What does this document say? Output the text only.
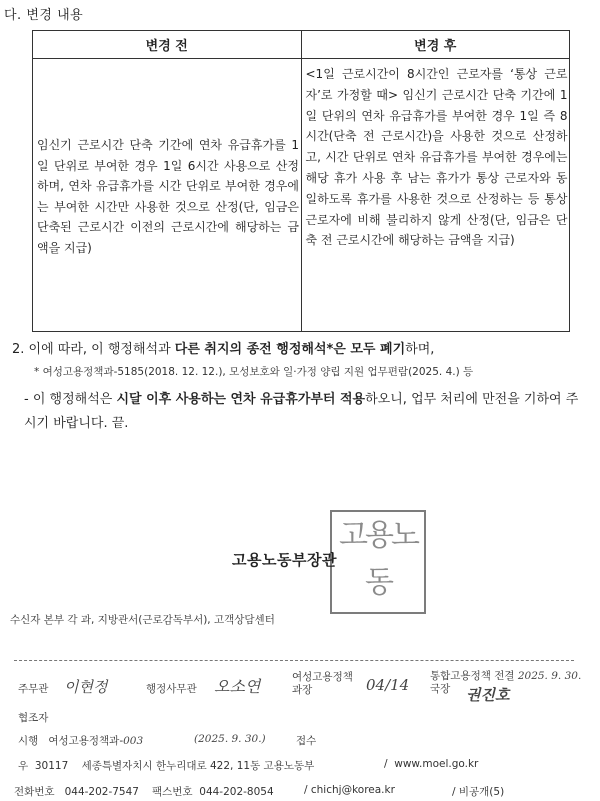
다. 변경 내용
변경 전	변경 후

임신기 근로시간 단축 기간에 연차 유급휴가를 1일 단위로 부여한 경우 1일 6시간 사용으로 산정하며, 연차 유급휴가를 시간 단위로 부여한 경우에는 부여한 시간만 사용한 것으로 산정(단, 임금은 단축된 근로시간 이전의 근로시간에 해당하는 금액을 지급)	<1일 근로시간이 8시간인 근로자를 ‘통상 근로자’로 가정할 때> 임신기 근로시간 단축 기간에 1일 단위의 연차 유급휴가를 부여한 경우 1일 즉 8시간(단축 전 근로시간)을 사용한 것으로 산정하고, 시간 단위로 연차 유급휴가를 부여한 경우에는 해당 휴가 사용 후 남는 휴가가 통상 근로자와 동일하도록 휴가를 사용한 것으로 산정하는 등 통상 근로자에 비해 불리하지 않게 산정(단, 임금은 단축 전 근로시간에 해당하는 금액을 지급)
2. 이에 따라, 이 행정해석과 다른 취지의 종전 행정해석*은 모두 폐기하며,
* 여성고용정책과-5185(2018. 12. 12.), 모성보호와 일·가정 양립 지원 업무편람(2025. 4.) 등
- 이 행정해석은 시달 이후 사용하는 연차 유급휴가부터 적용하오니, 업무 처리에 만전을 기하여 주시기 바랍니다. 끝.
고용노동

고용노동부장관
수신자 본부 각 과, 지방관서(근로감독부서), 고객상담센터
주무관 이현정	행정사무관 오소연	여성고용정책
과장	04/14 통합고용정책 전결 2025. 9. 30.
국장	권진호
협조자
시행 여성고용정책과-003	(2025. 9. 30.)	접수
우 30117 세종특별자치시 한누리대로 422, 11동 고용노동부	/ www.moel.go.kr
전화번호 044-202-7547 팩스번호 044-202-8054	/ chichj@korea.kr	/ 비공개(5)
